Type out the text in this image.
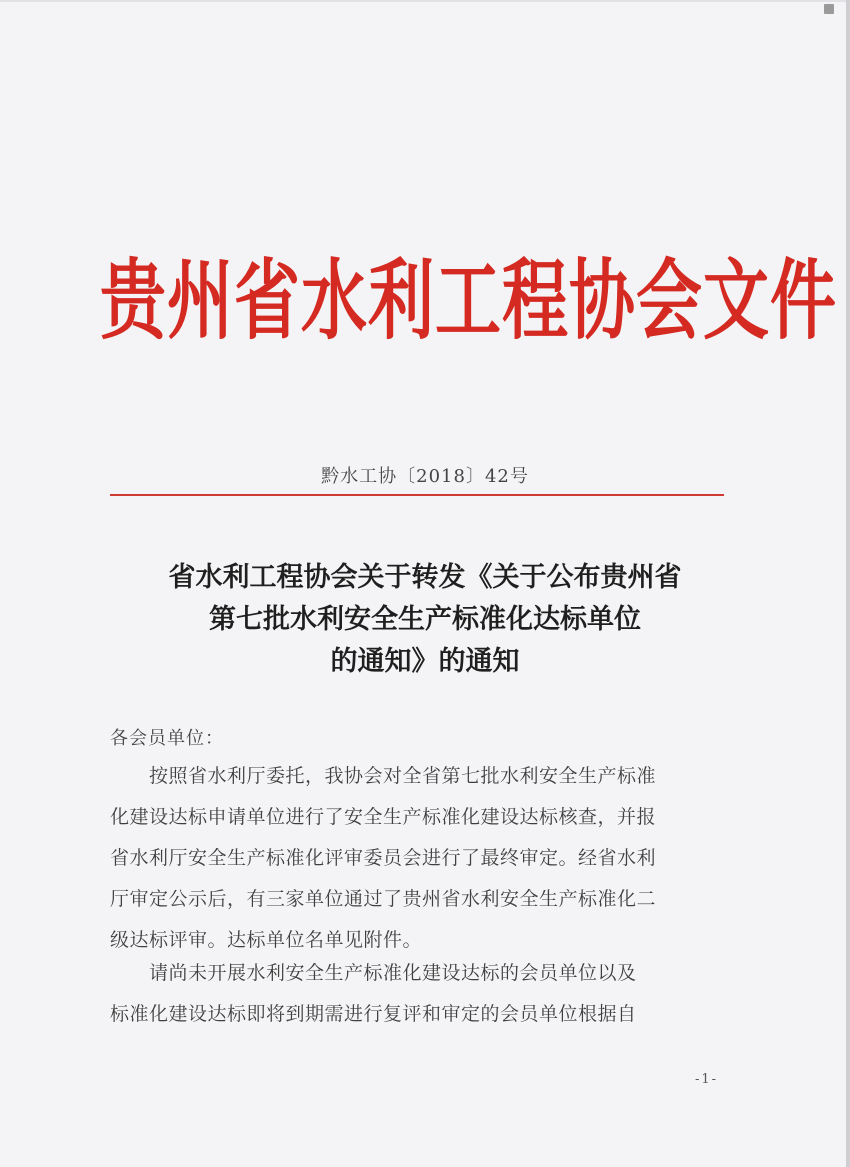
贵州省水利工程协会文件
黔水工协〔2018〕42号
省水利工程协会关于转发《关于公布贵州省
第七批水利安全生产标准化达标单位
的通知》的通知
各会员单位：
　　按照省水利厅委托，我协会对全省第七批水利安全生产标准
化建设达标申请单位进行了安全生产标准化建设达标核查，并报
省水利厅安全生产标准化评审委员会进行了最终审定。经省水利
厅审定公示后，有三家单位通过了贵州省水利安全生产标准化二
级达标评审。达标单位名单见附件。
　　请尚未开展水利安全生产标准化建设达标的会员单位以及
标准化建设达标即将到期需进行复评和审定的会员单位根据自
-1-
